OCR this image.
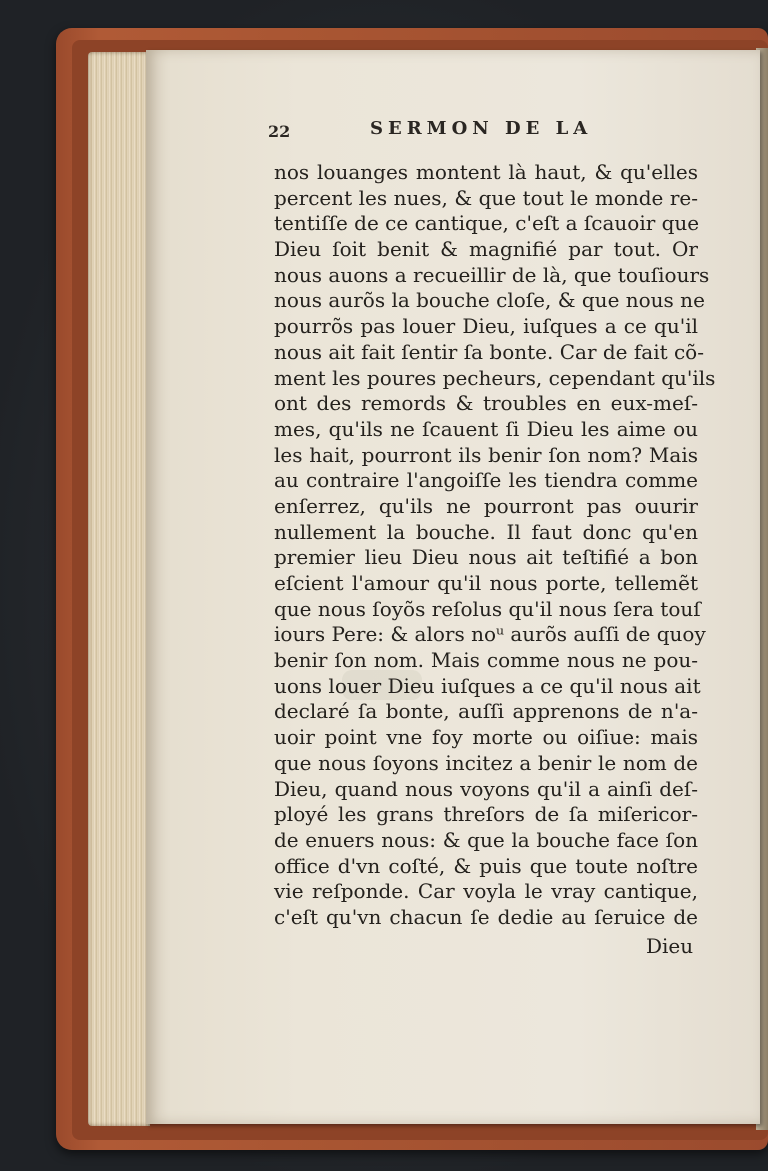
22	SERMON DE LA
nos louanges montent là haut, & qu'elles
percent les nues, & que tout le monde re-
tentiſſe de ce cantique, c'eſt a ſcauoir que
Dieu ſoit benit & magnifié par tout. Or
nous auons a recueillir de là, que touſiours
nous aurõs la bouche cloſe, & que nous ne
pourrõs pas louer Dieu, iuſques a ce qu'il
nous ait fait ſentir ſa bonte. Car de fait cõ-
ment les poures pecheurs, cependant qu'ils
ont des remords & troubles en eux-meſ-
mes, qu'ils ne ſcauent ſi Dieu les aime ou
les hait, pourront ils benir ſon nom? Mais
au contraire l'angoiſſe les tiendra comme
enſerrez, qu'ils ne pourront pas ouurir
nullement la bouche. Il faut donc qu'en
premier lieu Dieu nous ait teſtifié a bon
eſcient l'amour qu'il nous porte, tellemẽt
que nous ſoyõs reſolus qu'il nous ſera touſ
iours Pere: & alors noᵘ aurõs auſſi de quoy
benir ſon nom. Mais comme nous ne pou-
uons louer Dieu iuſques a ce qu'il nous ait
declaré ſa bonte, auſſi apprenons de n'a-
uoir point vne foy morte ou oiſiue: mais
que nous ſoyons incitez a benir le nom de
Dieu, quand nous voyons qu'il a ainſi deſ-
ployé les grans threſors de ſa miſericor-
de enuers nous: & que la bouche face ſon
office d'vn coſté, & puis que toute noſtre
vie reſponde. Car voyla le vray cantique,
c'eſt qu'vn chacun ſe dedie au ſeruice de
Dieu
